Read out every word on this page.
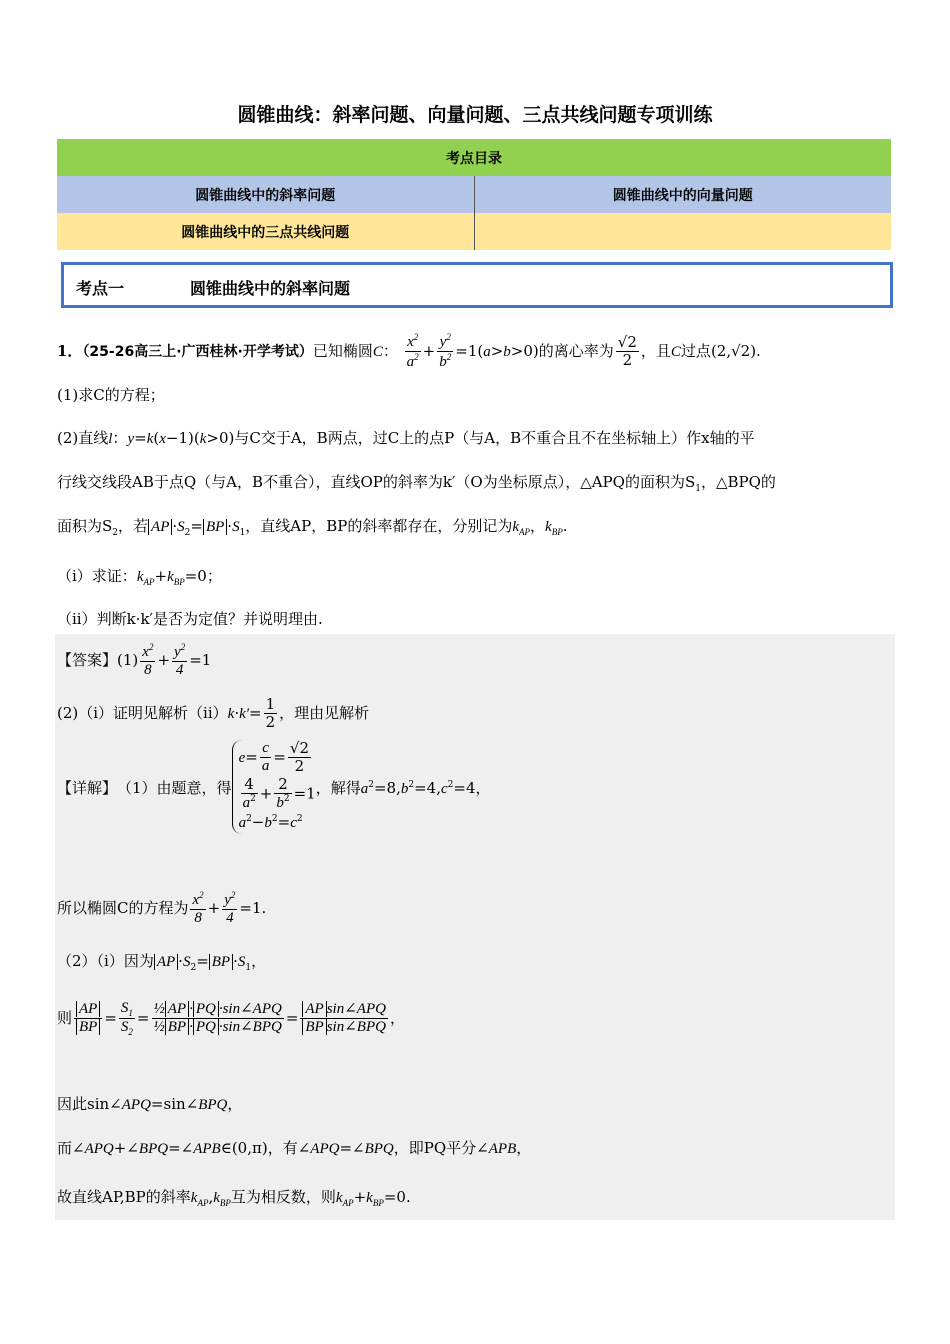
圆锥曲线：斜率问题、向量问题、三点共线问题专项训练
考点目录	
圆锥曲线中的斜率问题	圆锥曲线中的向量问题
圆锥曲线中的三点共线问题	
考点一	圆锥曲线中的斜率问题
1．（25-26高三上·广西桂林·开学考试）已知椭圆C： $\frac{x^2}{a^2} + \frac{y^2}{b^2} =1(a>b>0)$的离心率为 $\frac{√2}{2}$ ，且C过点(2,√2).
(1)求C的方程；
(2)直线l：y=k(x−1)(k>0)与C交于A，B两点，过C上的点P（与A，B不重合且不在坐标轴上）作x轴的平
行线交线段AB于点Q（与A，B不重合），直线OP的斜率为k′（O为坐标原点），△APQ的面积为$S_1$，△BPQ的
面积为$S_2$，若 AP $\cdot S_2=$ BP $\cdot S_1$，直线AP，BP的斜率都存在，分别记为$k_{AP}$，$k_{BP}$.
（i）求证：$k_{AP}+k_{BP}=0$；
（ii）判断k·k′是否为定值？并说明理由.
【答案】$(1) \frac{x^2}{8} + \frac{y^2}{4} =1$
(2)（i）证明见解析$(ii)k\cdot k'= \frac{1}{2}$ ，理由见解析
【详解】（1）由题意，得
$e= \frac{c}{a} = \frac{√2}{2}$
$\frac{4}{a^2} + \frac{2}{b^2} =1$
$a^2-b^2=c^2$
，解得$a^2=8,b^2=4,c^2=4$，
所以椭圆C的方程为 $\frac{x^2}{8} + \frac{y^2}{4} =1$.
（2）（i）因为 AP $\cdot S_2=$ BP $\cdot S_1$，
则 $\frac{AP}{BP} = \frac{S_1}{S_2} = \frac{\text{½ AP · PQ ·sin∠APQ}}{\text{½ BP · PQ ·sin∠BPQ}} = \frac{\text{AP sin∠APQ}}{\text{BP sin∠BPQ}}$ ，
因此sin∠APQ=sin∠BPQ，
而∠APQ+∠BPQ=∠APB∈(0,π)，有∠APQ=∠BPQ，即PQ平分∠APB，
故直线AP,BP的斜率$k_{AP},k_{BP}$互为相反数，则$k_{AP}+k_{BP}=0$.
